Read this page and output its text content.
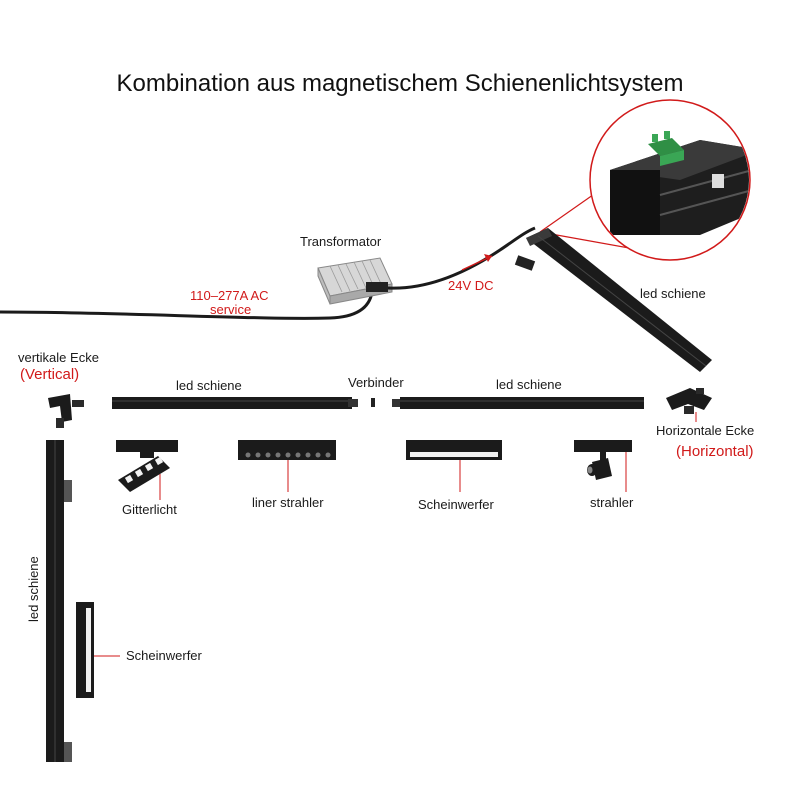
Kombination aus magnetischem Schienenlichtsystem
Transformator
110–277A AC
service
24V DC
led schiene
vertikale Ecke
(Vertical)
led schiene	Verbinder	led schiene
Horizontale Ecke
(Horizontal)
Gitterlicht	liner strahler	Scheinwerfer	strahler
led schiene
Scheinwerfer
